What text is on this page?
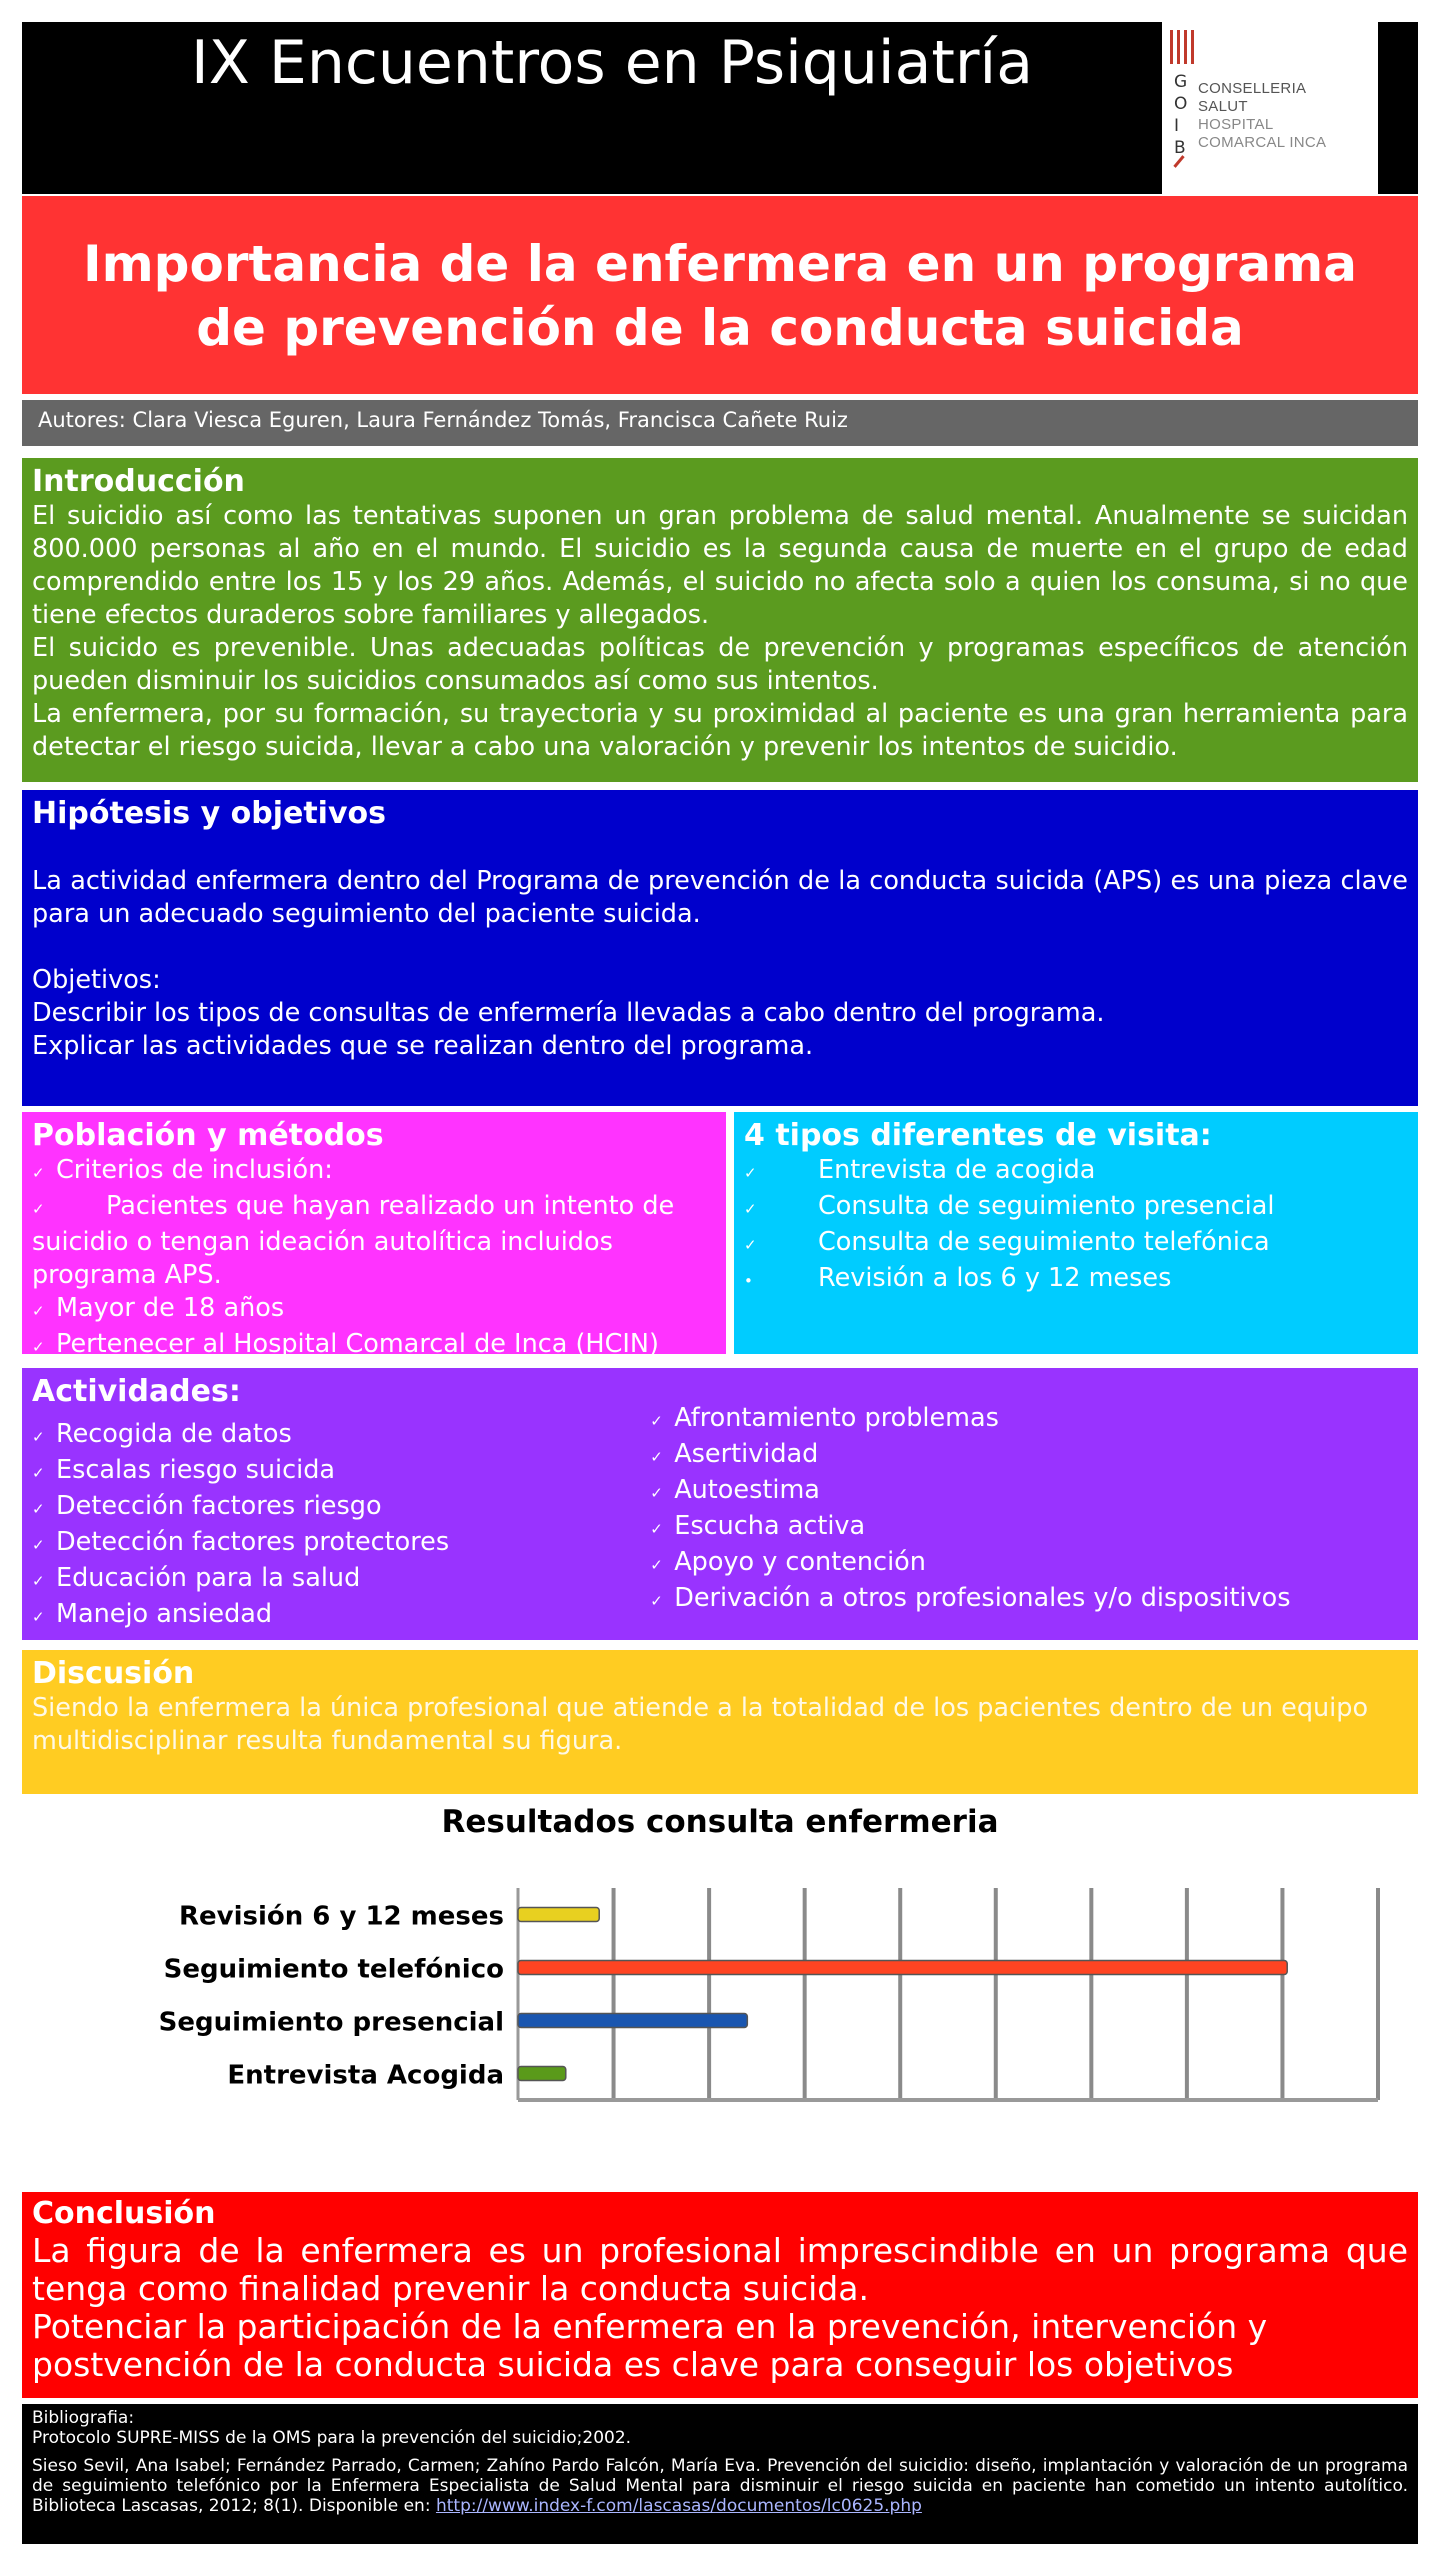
IX Encuentros en Psiquiatría	G
O
I
B
CONSELLERIA
SALUT
HOSPITAL
COMARCAL INCA
Importancia de la enfermera en un programa
de prevención de la conducta suicida
Autores: Clara Viesca Eguren, Laura Fernández Tomás, Francisca Cañete Ruiz
Introducción
El suicidio así como las tentativas suponen un gran problema de salud mental. Anualmente se suicidan 800.000 personas al año en el mundo. El suicidio es la segunda causa de muerte en el grupo de edad comprendido entre los 15 y los 29 años. Además, el suicido no afecta solo a quien los consuma, si no que tiene efectos duraderos sobre familiares y allegados.
El suicido es prevenible. Unas adecuadas políticas de prevención y programas específicos de atención pueden disminuir los suicidios consumados así como sus intentos.
La enfermera, por su formación, su trayectoria y su proximidad al paciente es una gran herramienta para detectar el riesgo suicida, llevar a cabo una valoración y prevenir los intentos de suicidio.
Hipótesis y objetivos
La actividad enfermera dentro del Programa de prevención de la conducta suicida (APS) es una pieza clave para un adecuado seguimiento del paciente suicida.
Objetivos:
Describir los tipos de consultas de enfermería llevadas a cabo dentro del programa.
Explicar las actividades que se realizan dentro del programa.
Población y métodos
✓ Criterios de inclusión:
✓	Pacientes que hayan realizado un intento de
suicidio o tengan ideación autolítica incluidos programa APS.
✓ Mayor de 18 años
✓ Pertenecer al Hospital Comarcal de Inca (HCIN)
4 tipos diferentes de visita:
✓	Entrevista de acogida
✓	Consulta de seguimiento presencial
✓	Consulta de seguimiento telefónica
•	Revisión a los 6 y 12 meses
Actividades:
✓ Recogida de datos
✓ Escalas riesgo suicida
✓ Detección factores riesgo
✓ Detección factores protectores
✓ Educación para la salud
✓ Manejo ansiedad
✓ Afrontamiento problemas
✓ Asertividad
✓ Autoestima
✓ Escucha activa
✓ Apoyo y contención
✓ Derivación a otros profesionales y/o dispositivos
Discusión
Siendo la enfermera la única profesional que atiende a la totalidad de los pacientes dentro de un equipo multidisciplinar resulta fundamental su figura.
Resultados consulta enfermeria
Revisión 6 y 12 meses
Seguimiento telefónico
Seguimiento presencial
Entrevista Acogida
Conclusión
La figura de la enfermera es un profesional imprescindible en un programa que tenga como finalidad prevenir la conducta suicida.
Potenciar la participación de la enfermera en la prevención, intervención y postvención de la conducta suicida es clave para conseguir los objetivos
Bibliografia:
Protocolo SUPRE-MISS de la OMS para la prevención del suicidio;2002.
Sieso Sevil, Ana Isabel; Fernández Parrado, Carmen; Zahíno Pardo Falcón, María Eva. Prevención del suicidio: diseño, implantación y valoración de un programa de seguimiento telefónico por la Enfermera Especialista de Salud Mental para disminuir el riesgo suicida en paciente han cometido un intento autolítico. Biblioteca Lascasas, 2012; 8(1). Disponible en: http://www.index-f.com/lascasas/documentos/lc0625.php
